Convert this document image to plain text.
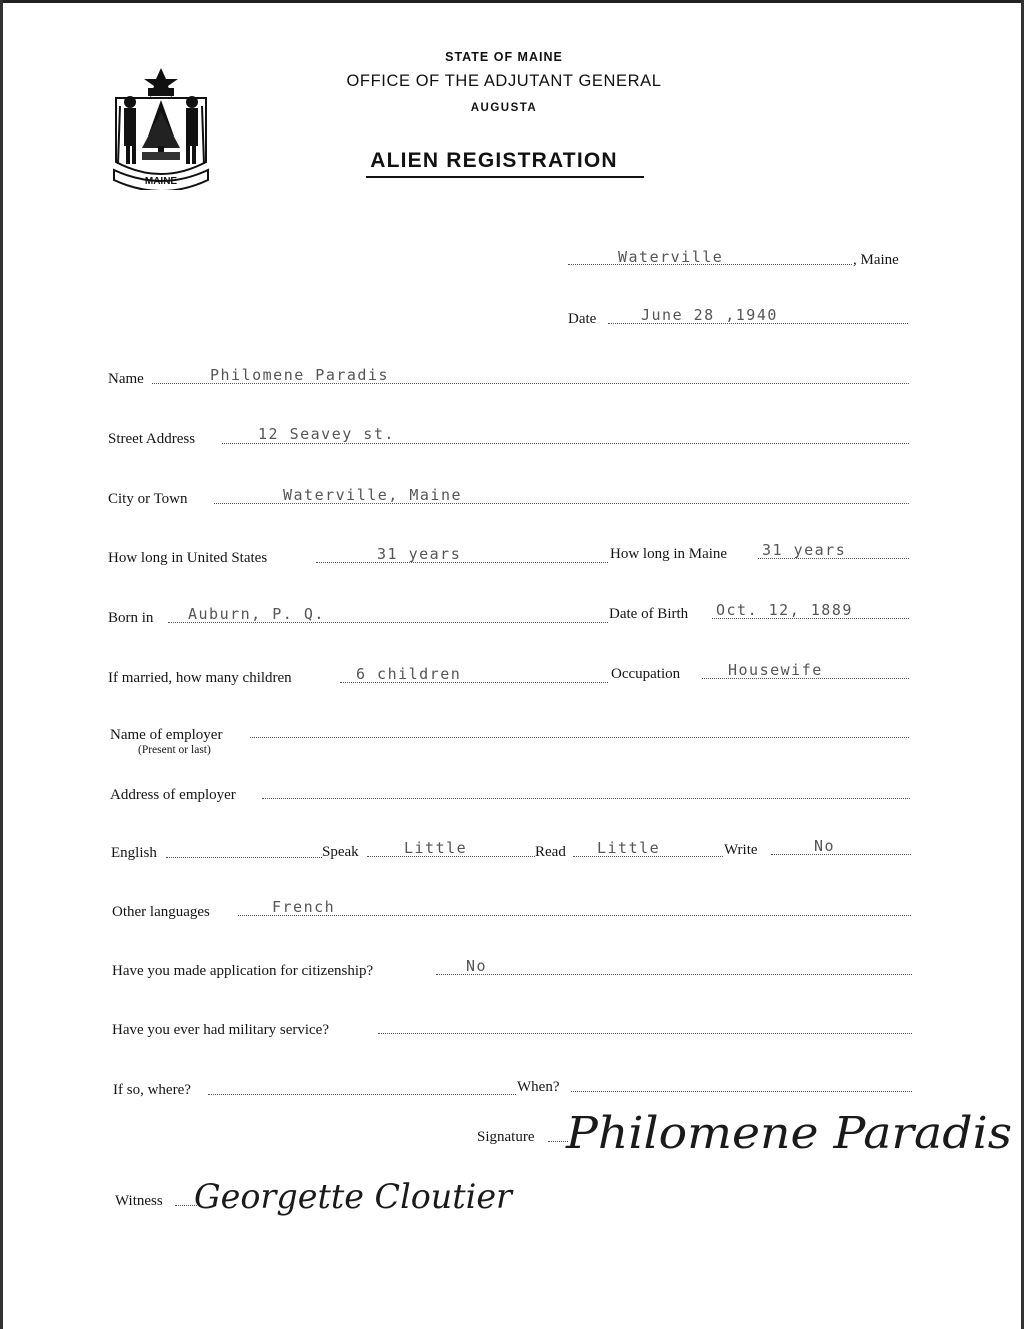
MAINE
STATE OF MAINE
OFFICE OF THE ADJUTANT GENERAL
AUGUSTA
ALIEN REGISTRATION
Waterville	, Maine
Date	June 28 ,1940
Name	Philomene Paradis
Street Address	12 Seavey st.
City or Town	Waterville, Maine
How long in United States	31 years	How long in Maine 31 years
Born in Auburn, P. Q.	Date of Birth Oct. 12, 1889
If married, how many children	6 children	Occupation	Housewife
Name of employer
(Present or last)
Address of employer
English	Speak	Little	Read Little	Write	No
Other languages	French
Have you made application for citizenship?	No
Have you ever had military service?
If so, where?	When?
Signature Philomene Paradis
Witness Georgette Cloutier
